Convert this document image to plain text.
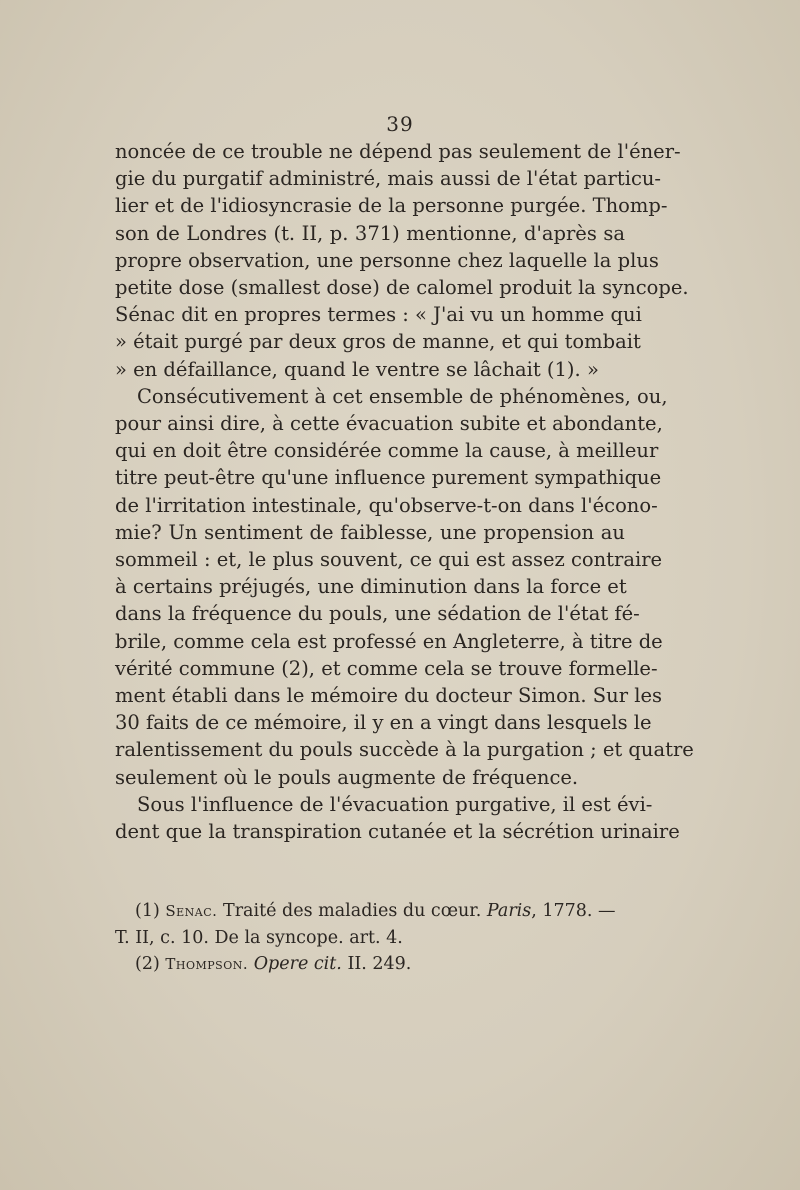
39
noncée de ce trouble ne dépend pas seulement de l'éner-
gie du purgatif administré, mais aussi de l'état particu-
lier et de l'idiosyncrasie de la personne purgée. Thomp-
son de Londres (t. II, p. 371) mentionne, d'après sa
propre observation, une personne chez laquelle la plus
petite dose (smallest dose) de calomel produit la syncope.
Sénac dit en propres termes : « J'ai vu un homme qui
» était purgé par deux gros de manne, et qui tombait
» en défaillance, quand le ventre se lâchait (1). »
Consécutivement à cet ensemble de phénomènes, ou,
pour ainsi dire, à cette évacuation subite et abondante,
qui en doit être considérée comme la cause, à meilleur
titre peut-être qu'une influence purement sympathique
de l'irritation intestinale, qu'observe-t-on dans l'écono-
mie? Un sentiment de faiblesse, une propension au
sommeil : et, le plus souvent, ce qui est assez contraire
à certains préjugés, une diminution dans la force et
dans la fréquence du pouls, une sédation de l'état fé-
brile, comme cela est professé en Angleterre, à titre de
vérité commune (2), et comme cela se trouve formelle-
ment établi dans le mémoire du docteur Simon. Sur les
30 faits de ce mémoire, il y en a vingt dans lesquels le
ralentissement du pouls succède à la purgation ; et quatre
seulement où le pouls augmente de fréquence.
Sous l'influence de l'évacuation purgative, il est évi-
dent que la transpiration cutanée et la sécrétion urinaire
(1) Senac. Traité des maladies du cœur. Paris, 1778. —
T. II, c. 10. De la syncope. art. 4.
(2) Thompson. Opere cit. II. 249.
